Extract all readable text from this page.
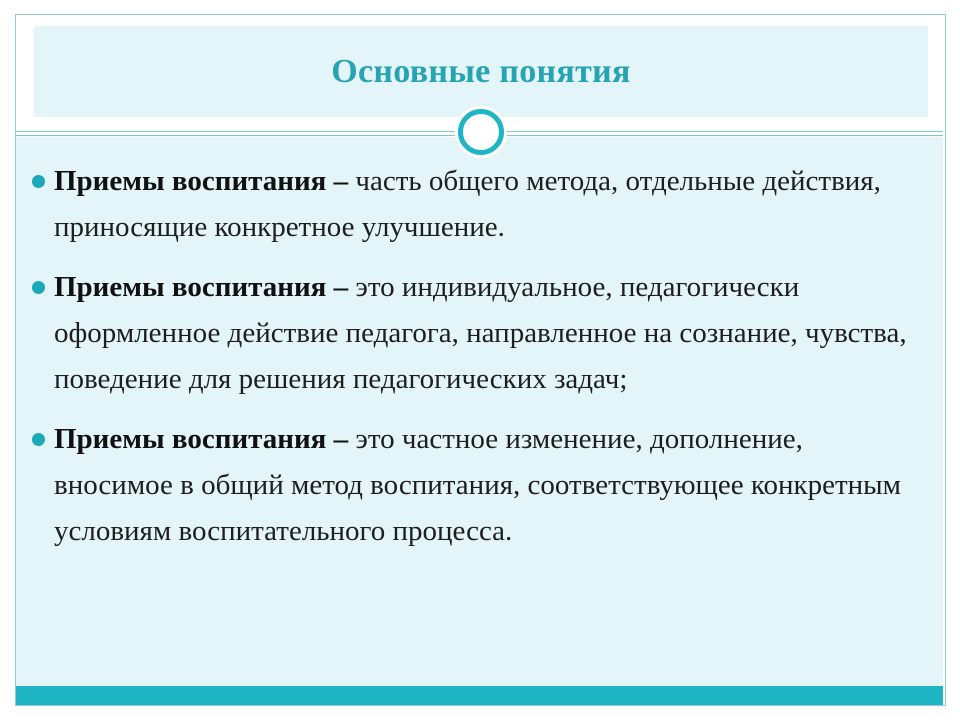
Основные понятия
Приемы воспитания – часть общего метода, отдельные действия, приносящие конкретное улучшение.
Приемы воспитания – это индивидуальное, педагогически оформленное действие педагога, направленное на сознание, чувства, поведение для решения педагогических задач;
Приемы воспитания – это частное изменение, дополнение, вносимое в общий метод воспитания, соответствующее конкретным условиям воспитательного процесса.
